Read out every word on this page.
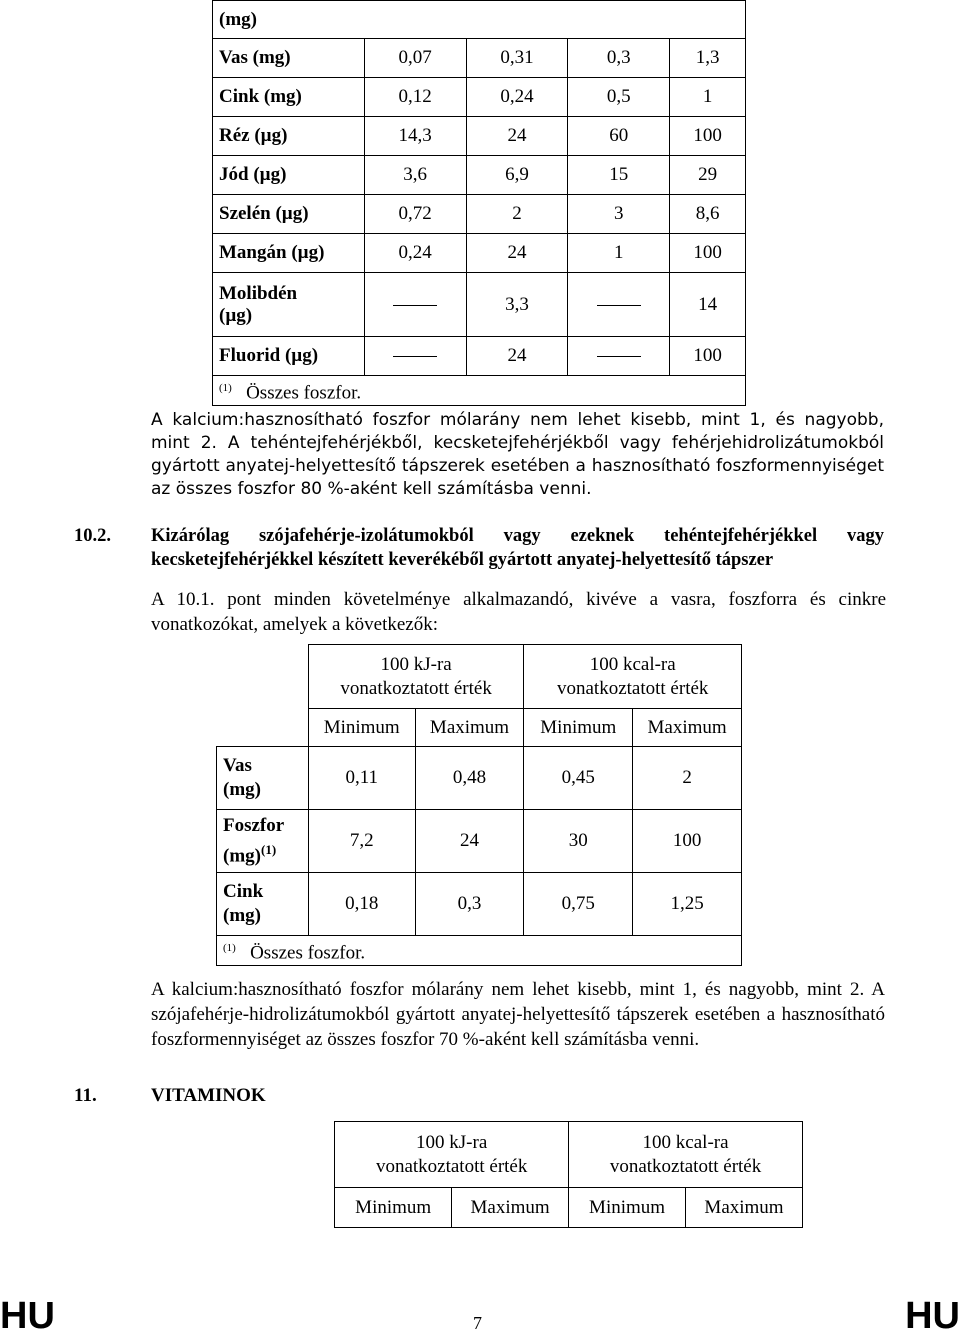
(mg)				
Vas (mg)	0,07	0,31	0,3	1,3
Cink (mg)	0,12	0,24	0,5	1
Réz (µg)	14,3	24	60	100
Jód (µg)	3,6	6,9	15	29
Szelén (µg)	0,72	2	3	8,6
Mangán (µg)	0,24	24	1	100
Molibdén
(µg)		3,3		14
Fluorid (µg)		24		100
$^{(1)}$ Összes foszfor.				
A kalcium:hasznosítható foszfor mólarány nem lehet kisebb, mint 1, és nagyobb, mint 2. A tehéntejfehérjékből, kecsketejfehérjékből vagy fehérjehidrolizátumokból gyártott anyatej-helyettesítő tápszerek esetében a hasznosítható foszformennyiséget az összes foszfor 80 %-aként kell számításba venni.
10.2. Kizárólag szójafehérje-izolátumokból vagy ezeknek tehéntejfehérjékkel vagy kecsketejfehérjékkel készített keverékéből gyártott anyatej-helyettesítő tápszer
A 10.1. pont minden követelménye alkalmazandó, kivéve a vasra, foszforra és cinkre vonatkozókat, amelyek a következők:
	100 kJ-ra
vonatkoztatott érték		100 kcal-ra
vonatkoztatott érték	
	Minimum	Maximum	Minimum	Maximum
Vas
(mg)	0,11	0,48	0,45	2
Foszfor
(mg)$^{(1)}$	7,2	24	30	100
Cink
(mg)	0,18	0,3	0,75	1,25
$^{(1)}$ Összes foszfor.				
A kalcium:hasznosítható foszfor mólarány nem lehet kisebb, mint 1, és nagyobb, mint 2. A szójafehérje-hidrolizátumokból gyártott anyatej-helyettesítő tápszerek esetében a hasznosítható foszformennyiséget az összes foszfor 70 %-aként kell számításba venni.
11.	VITAMINOK
	100 kJ-ra
vonatkoztatott érték		100 kcal-ra
vonatkoztatott érték	
	Minimum	Maximum	Minimum	Maximum
HU	7	HU
